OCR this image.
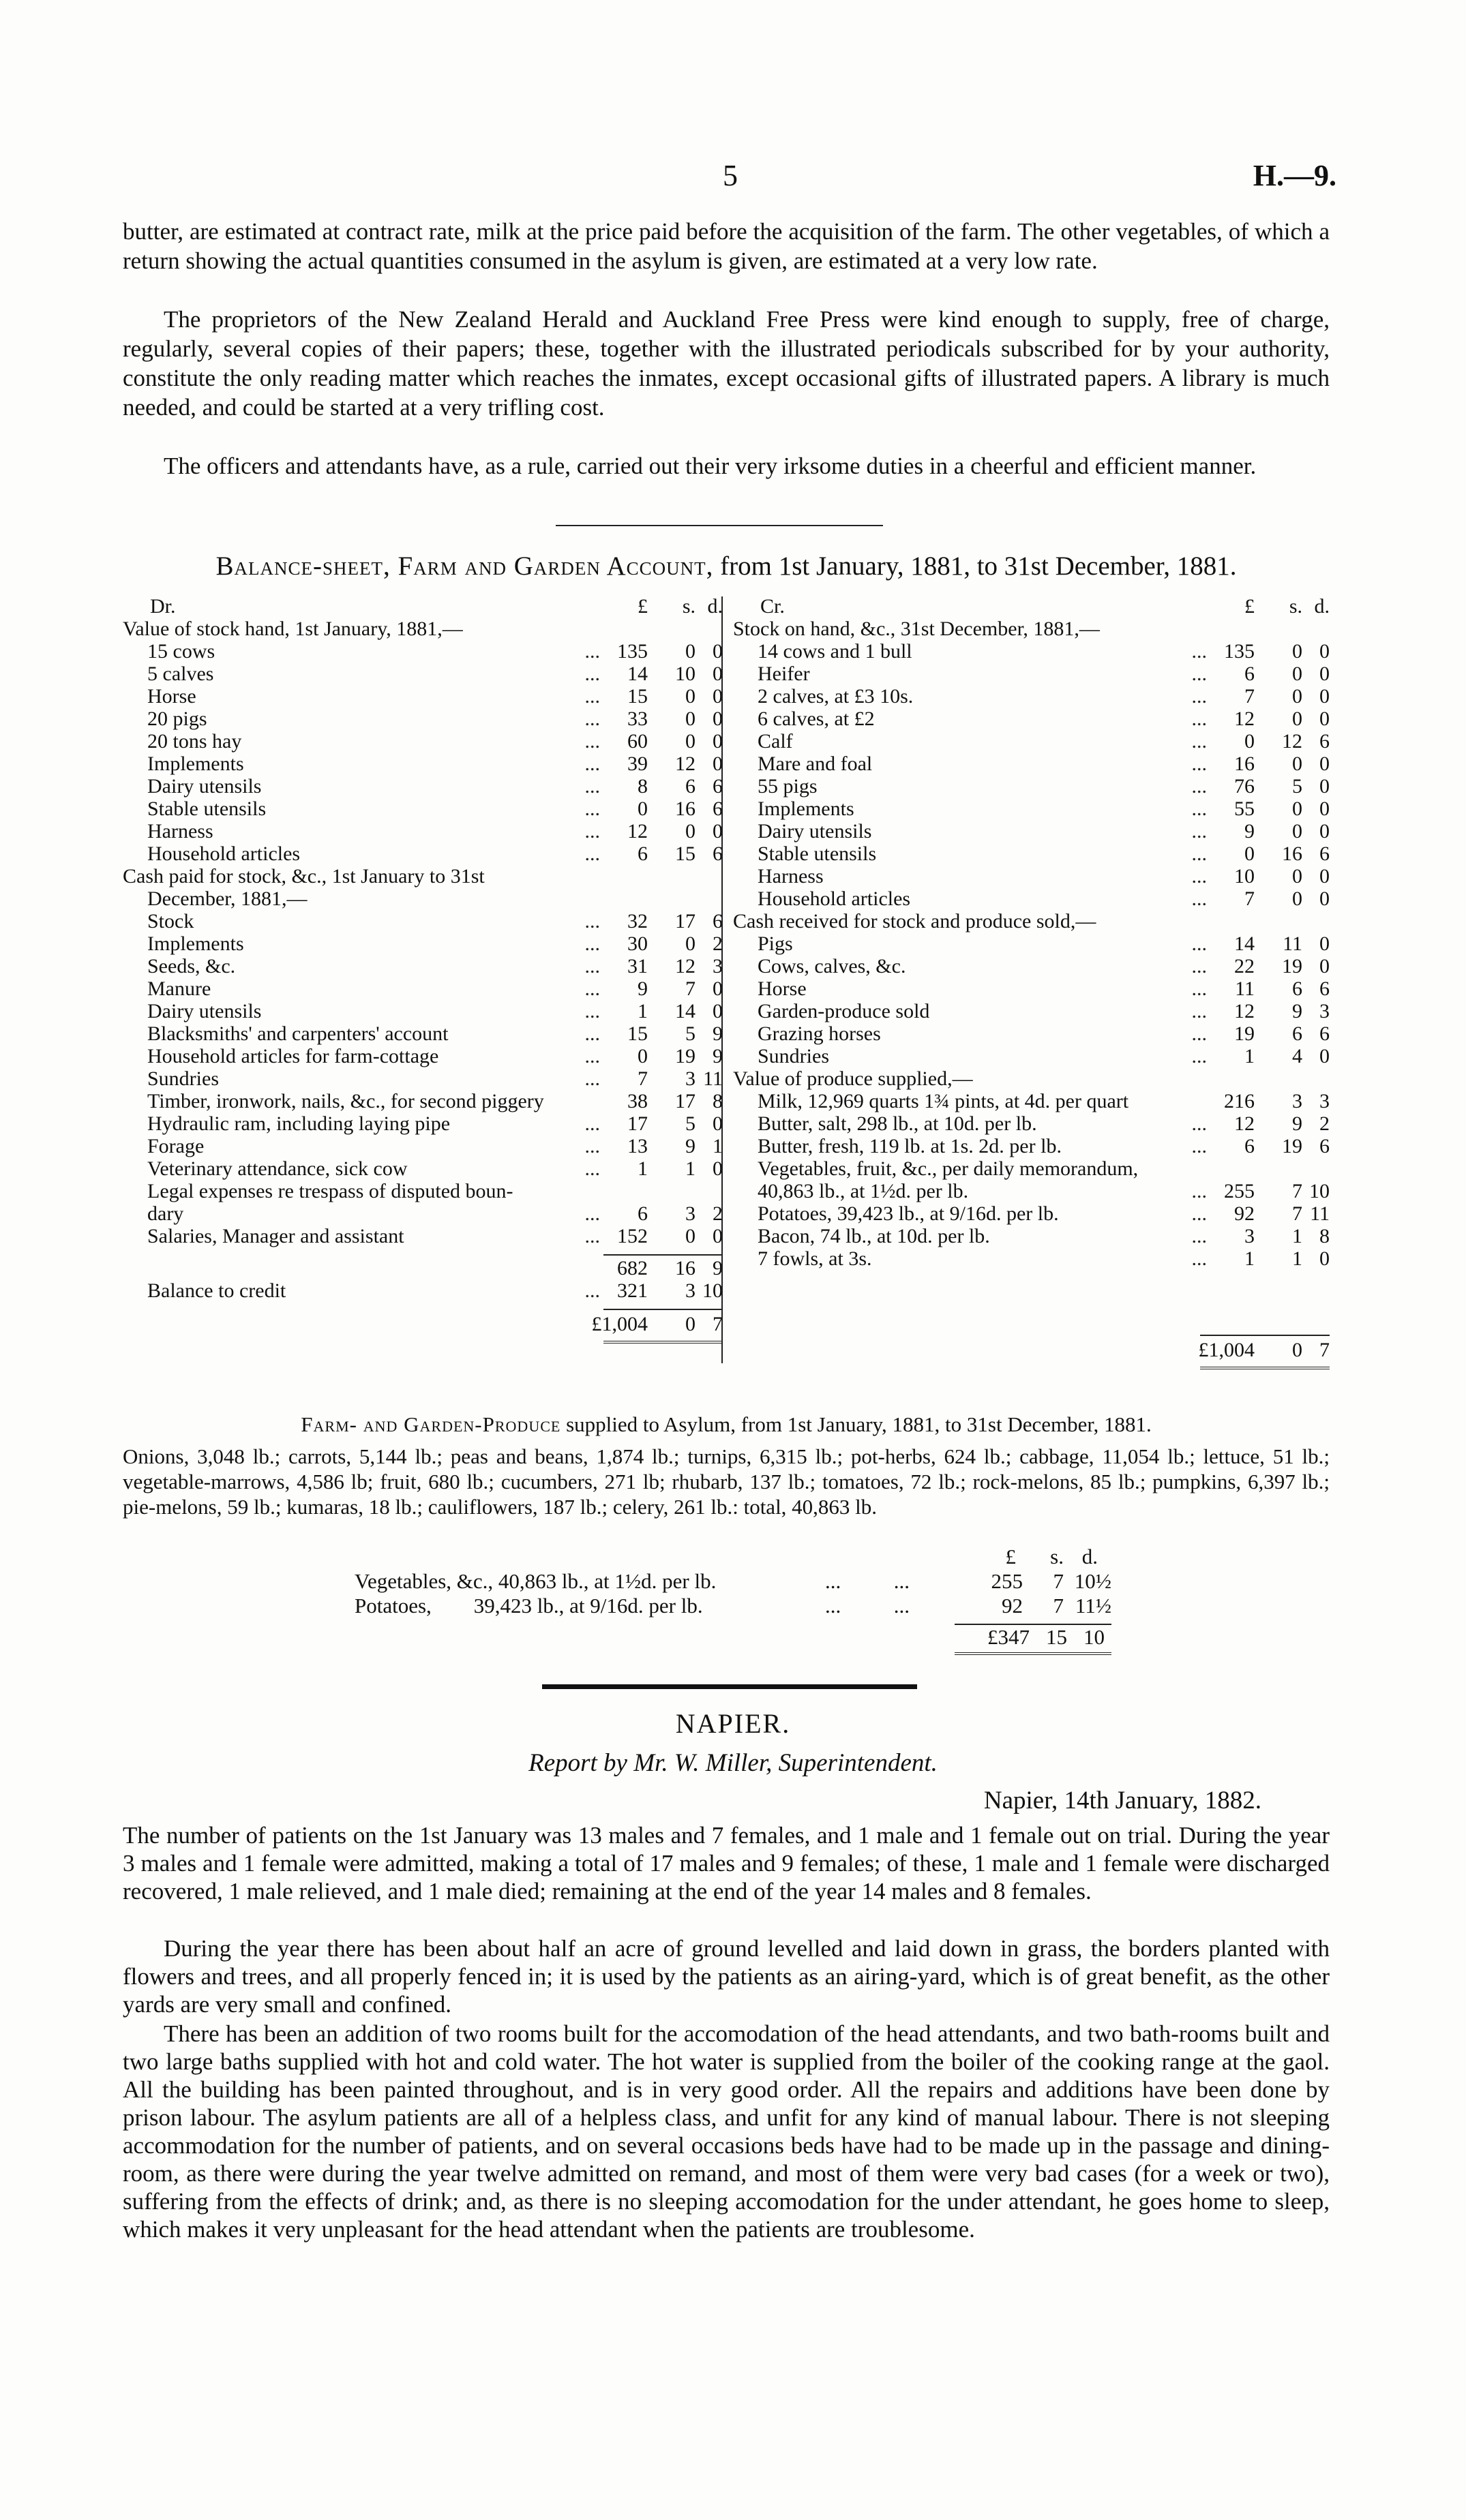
5	H.—9.

butter, are estimated at contract rate, milk at the price paid before the acquisition of the farm. The other vegetables, of which a return showing the actual quantities consumed in the asylum is given, are estimated at a very low rate.

The proprietors of the New Zealand Herald and Auckland Free Press were kind enough to supply, free of charge, regularly, several copies of their papers; these, together with the illustrated periodicals subscribed for by your authority, constitute the only reading matter which reaches the inmates, except occasional gifts of illustrated papers. A library is much needed, and could be started at a very trifling cost.

The officers and attendants have, as a rule, carried out their very irksome duties in a cheerful and efficient manner.

Balance-sheet, Farm and Garden Account, from 1st January, 1881, to 31st December, 1881.
Dr.	£ s. d.
Value of stock hand, 1st January, 1881,—
15 cows	... 135 0 0
5 calves	... 14 10 0
Horse	... 15 0 0
20 pigs	... 33 0 0
20 tons hay	... 60 0 0
Implements	... 39 12 0
Dairy utensils	... 8 6 6
Stable utensils	... 0 16 6
Harness	... 12 0 0
Household articles	... 6 15 6
Cash paid for stock, &c., 1st January to 31st
December, 1881,—
Stock	... 32 17 6
Implements	... 30 0 2
Seeds, &c.	... 31 12 3
Manure	... 9 7 0
Dairy utensils	... 1 14 0
Blacksmiths' and carpenters' account	... 15 5 9
Household articles for farm-cottage	... 0 19 9
Sundries	... 7 3 11
Timber, ironwork, nails, &c., for second piggery	38 17 8
Hydraulic ram, including laying pipe	... 17 5 0
Forage	... 13 9 1
Veterinary attendance, sick cow	... 1 1 0
Legal expenses re trespass of disputed boun-
dary	... 6 3 2
Salaries, Manager and assistant	... 152 0 0
682 16 9
Balance to credit	... 321 3 10
£1,004 0 7
Cr.	£ s. d.
Stock on hand, &c., 31st December, 1881,—
14 cows and 1 bull	... 135 0 0
Heifer	... 6 0 0
2 calves, at £3 10s.	... 7 0 0
6 calves, at £2	... 12 0 0
Calf	... 0 12 6
Mare and foal	... 16 0 0
55 pigs	... 76 5 0
Implements	... 55 0 0
Dairy utensils	... 9 0 0
Stable utensils	... 0 16 6
Harness	... 10 0 0
Household articles	... 7 0 0
Cash received for stock and produce sold,—
Pigs	... 14 11 0
Cows, calves, &c.	... 22 19 0
Horse	... 11 6 6
Garden-produce sold	... 12 9 3
Grazing horses	... 19 6 6
Sundries	... 1 4 0
Value of produce supplied,—
Milk, 12,969 quarts 1¾ pints, at 4d. per quart	216 3 3
Butter, salt, 298 lb., at 10d. per lb.	... 12 9 2
Butter, fresh, 119 lb. at 1s. 2d. per lb.	... 6 19 6
Vegetables, fruit, &c., per daily memorandum,
40,863 lb., at 1½d. per lb.	... 255 7 10
Potatoes, 39,423 lb., at 9/16d. per lb.	... 92 7 11
Bacon, 74 lb., at 10d. per lb.	... 3 1 8
7 fowls, at 3s.	... 1 1 0
£1,004 0 7
Farm- and Garden-Produce supplied to Asylum, from 1st January, 1881, to 31st December, 1881.

Onions, 3,048 lb.; carrots, 5,144 lb.; peas and beans, 1,874 lb.; turnips, 6,315 lb.; pot-herbs, 624 lb.; cabbage, 11,054 lb.; lettuce, 51 lb.; vegetable-marrows, 4,586 lb; fruit, 680 lb.; cucumbers, 271 lb; rhubarb, 137 lb.; tomatoes, 72 lb.; rock-melons, 85 lb.; pumpkins, 6,397 lb.; pie-melons, 59 lb.; kumaras, 18 lb.; cauliflowers, 187 lb.; celery, 261 lb.: total, 40,863 lb.

£ s. d.
Vegetables, &c., 40,863 lb., at 1½d. per lb.	...          ...	255 7 10½
Potatoes,        39,423 lb., at 9/16d. per lb.	...          ...	92 7 11½
£347 15 10
NAPIER.
Report by Mr. W. Miller, Superintendent.
Napier, 14th January, 1882.

The number of patients on the 1st January was 13 males and 7 females, and 1 male and 1 female out on trial. During the year 3 males and 1 female were admitted, making a total of 17 males and 9 females; of these, 1 male and 1 female were discharged recovered, 1 male relieved, and 1 male died; remaining at the end of the year 14 males and 8 females.

During the year there has been about half an acre of ground levelled and laid down in grass, the borders planted with flowers and trees, and all properly fenced in; it is used by the patients as an airing-yard, which is of great benefit, as the other yards are very small and confined.

There has been an addition of two rooms built for the accomodation of the head attendants, and two bath-rooms built and two large baths supplied with hot and cold water. The hot water is supplied from the boiler of the cooking range at the gaol. All the building has been painted throughout, and is in very good order. All the repairs and additions have been done by prison labour. The asylum patients are all of a helpless class, and unfit for any kind of manual labour. There is not sleeping accommodation for the number of patients, and on several occasions beds have had to be made up in the passage and dining-room, as there were during the year twelve admitted on remand, and most of them were very bad cases (for a week or two), suffering from the effects of drink; and, as there is no sleeping accomodation for the under attendant, he goes home to sleep, which makes it very unpleasant for the head attendant when the patients are troublesome.
